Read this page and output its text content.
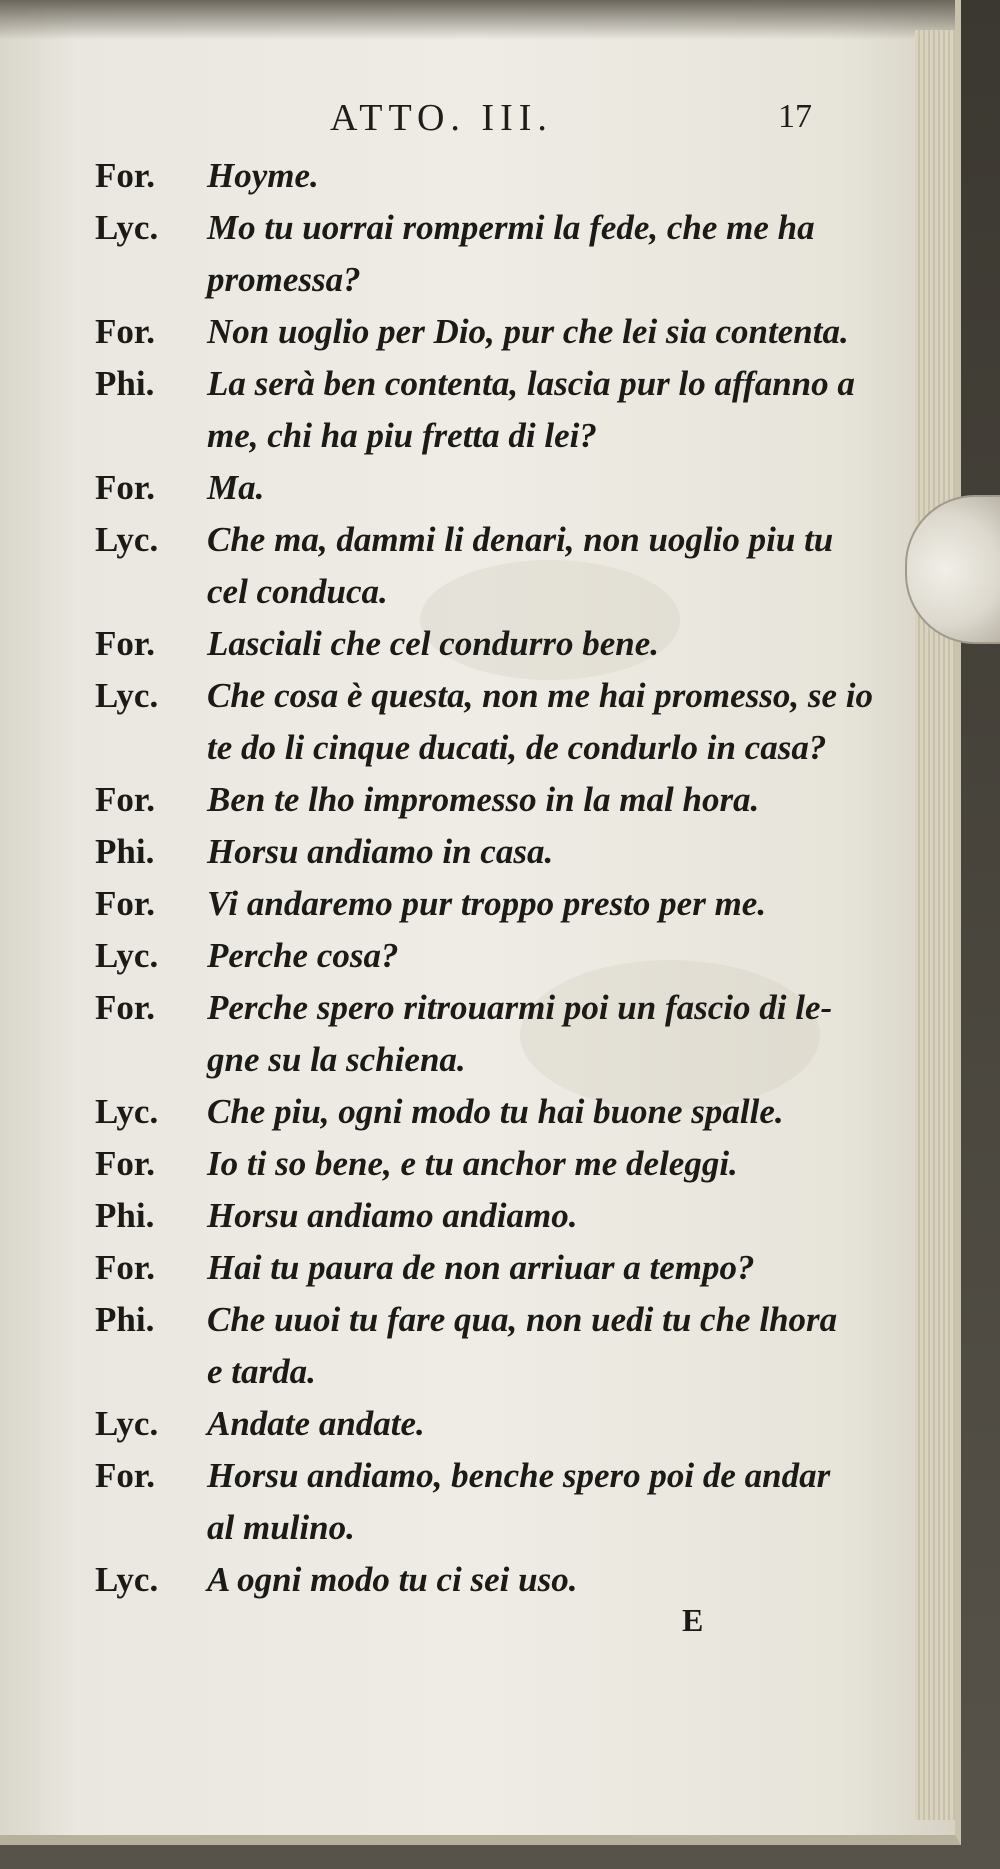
ATTO. III.	17
For.	Hoyme.
Lyc.	Mo tu uorrai rompermi la fede, che me ha
promessa?
For.	Non uoglio per Dio, pur che lei sia contenta.
Phi.	La serà ben contenta, lascia pur lo affanno a
me, chi ha piu fretta di lei?
For.	Ma.
Lyc.	Che ma, dammi li denari, non uoglio piu tu
cel conduca.
For.	Lasciali che cel condurro bene.
Lyc.	Che cosa è questa, non me hai promesso, se io
te do li cinque ducati, de condurlo in casa?
For.	Ben te lho impromesso in la mal hora.
Phi.	Horsu andiamo in casa.
For.	Vi andaremo pur troppo presto per me.
Lyc.	Perche cosa?
For.	Perche spero ritrouarmi poi un fascio di le-
gne su la schiena.
Lyc.	Che piu, ogni modo tu hai buone spalle.
For.	Io ti so bene, e tu anchor me deleggi.
Phi.	Horsu andiamo andiamo.
For.	Hai tu paura de non arriuar a tempo?
Phi.	Che uuoi tu fare qua, non uedi tu che lhora
e tarda.
Lyc.	Andate andate.
For.	Horsu andiamo, benche spero poi de andar
al mulino.
Lyc.	A ogni modo tu ci sei uso.
E
